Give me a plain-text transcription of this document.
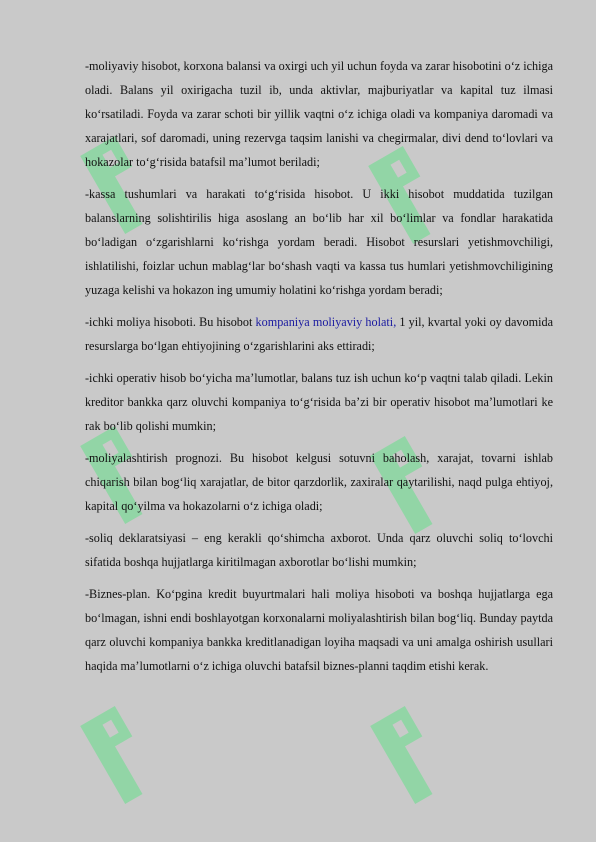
-moliyaviy hisobot, korxona balansi va oxirgi uch yil uchun foyda va zarar hisobotini o‘z ichiga oladi. Balans yil oxirigacha tuzil ib, unda aktivlar, majburiyatlar va kapital tuz ilmasi ko‘rsatiladi. Foyda va zarar schoti bir yillik vaqtni o‘z ichiga oladi va kompaniya daromadi va xarajatlari, sof daromadi, uning rezervga taqsim lanishi va chegirmalar, divi dend to‘lovlari va hokazolar to‘g‘risida batafsil ma’lumot beriladi;

-kassa tushumlari va harakati to‘g‘risida hisobot. U ikki hisobot muddatida tuzilgan balanslarning solishtirilis higa asoslang an bo‘lib har xil bo‘limlar va fondlar harakatida bo‘ladigan o‘zgarishlarni ko‘rishga yordam beradi. Hisobot resurslari yetishmovchiligi, ishlatilishi, foizlar uchun mablag‘lar bo‘shash vaqti va kassa tus humlari yetishmovchiligining yuzaga kelishi va hokazon ing umumiy holatini ko‘rishga yordam beradi;

-ichki moliya hisoboti. Bu hisobot kompaniya moliyaviy holati, 1 yil, kvartal yoki oy davomida resurslarga bo‘lgan ehtiyojining o‘zgarishlarini aks ettiradi;

-ichki operativ hisob bo‘yicha ma’lumotlar, balans tuz ish uchun ko‘p vaqtni talab qiladi. Lekin kreditor bankka qarz oluvchi kompaniya to‘g‘risida ba’zi bir operativ hisobot ma’lumotlari ke rak bo‘lib qolishi mumkin;

-moliyalashtirish prognozi. Bu hisobot kelgusi sotuvni baholash, xarajat, tovarni ishlab chiqarish bilan bog‘liq xarajatlar, de bitor qarzdorlik, zaxiralar qaytarilishi, naqd pulga ehtiyoj, kapital qo‘yilma va hokazolarni o‘z ichiga oladi;

-soliq deklaratsiyasi – eng kerakli qo‘shimcha axborot. Unda qarz oluvchi soliq to‘lovchi sifatida boshqa hujjatlarga kiritilmagan axborotlar bo‘lishi mumkin;

-Biznes-plan. Ko‘pgina kredit buyurtmalari hali moliya hisoboti va boshqa hujjatlarga ega bo‘lmagan, ishni endi boshlayotgan korxonalarni moliyalashtirish bilan bog‘liq. Bunday paytda qarz oluvchi kompaniya bankka kreditlanadigan loyiha maqsadi va uni amalga oshirish usullari haqida ma’lumotlarni o‘z ichiga oluvchi batafsil biznes-planni taqdim etishi kerak.
